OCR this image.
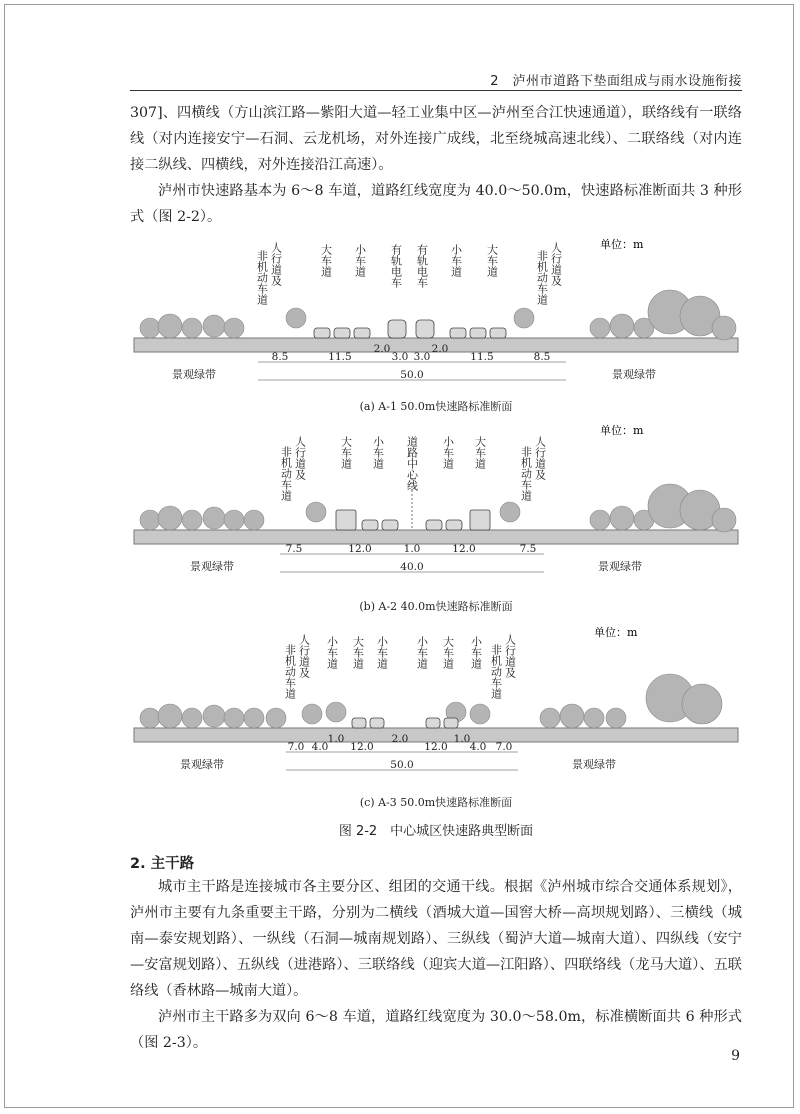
2　泸州市道路下垫面组成与雨水设施衔接
307]、四横线（方山滨江路—紫阳大道—轻工业集中区—泸州至合江快速通道），联络线有一联络线（对内连接安宁—石洞、云龙机场，对外连接广成线，北至绕城高速北线）、二联络线（对内连接二纵线、四横线，对外连接沿江高速）。
泸州市快速路基本为 6～8 车道，道路红线宽度为 40.0～50.0m，快速路标准断面共 3 种形式（图 2-2）。
单位：m
非机动车道 人行道及	大车道 小车道 有轨电车 有轨电车 小车道 大车道	非机动车道 人行道及
8.5	11.5
2.0
3.0 3.0
2.0
11.5	8.5
50.0
景观绿带	景观绿带
(a) A-1 50.0m快速路标准断面
单位：m
非机动车道 人行道及	大车道 小车道 道路中心线 小车道 大车道	非机动车道 人行道及
7.5	12.0	1.0	12.0	7.5
40.0
景观绿带	景观绿带
(b) A-2 40.0m快速路标准断面
单位：m
非机动车道 人行道及 小车道 大车道 小车道 小车道 大车道 小车道 非机动车道 人行道及
7.0 4.0
1.0
12.0
2.0
12.0
1.0
4.0 7.0
50.0
景观绿带	景观绿带
(c) A-3 50.0m快速路标准断面
图 2-2　中心城区快速路典型断面
2. 主干路
城市主干路是连接城市各主要分区、组团的交通干线。根据《泸州城市综合交通体系规划》，泸州市主要有九条重要主干路，分别为二横线（酒城大道—国窖大桥—高坝规划路）、三横线（城南—泰安规划路）、一纵线（石洞—城南规划路）、三纵线（蜀泸大道—城南大道）、四纵线（安宁—安富规划路）、五纵线（进港路）、三联络线（迎宾大道—江阳路）、四联络线（龙马大道）、五联络线（香林路—城南大道）。
泸州市主干路多为双向 6～8 车道，道路红线宽度为 30.0～58.0m，标准横断面共 6 种形式（图 2-3）。
9
